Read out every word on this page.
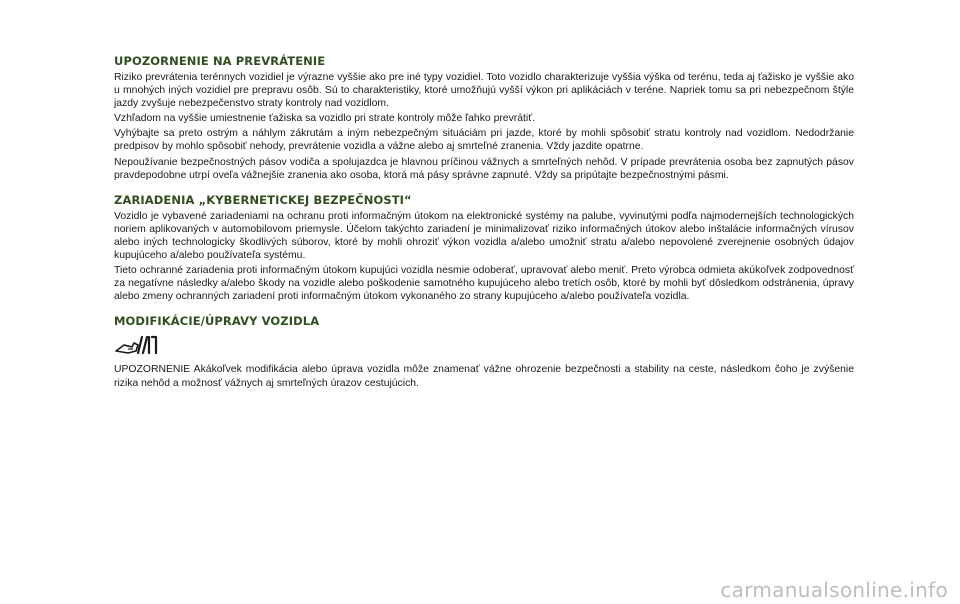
UPOZORNENIE NA PREVRÁTENIE

Riziko prevrátenia terénnych vozidiel je výrazne vyššie ako pre iné typy vozidiel. Toto vozidlo charakterizuje vyššia výška od terénu, teda aj ťažisko je vyššie ako u mnohých iných vozidiel pre prepravu osôb. Sú to charakteristiky, ktoré umožňujú vyšší výkon pri aplikáciách v teréne. Napriek tomu sa pri nebezpečnom štýle jazdy zvyšuje nebezpečenstvo straty kontroly nad vozidlom.

Vzhľadom na vyššie umiestnenie ťažiska sa vozidlo pri strate kontroly môže ľahko prevrátiť.

Vyhýbajte sa preto ostrým a náhlym zákrutám a iným nebezpečným situáciám pri jazde, ktoré by mohli spôsobiť stratu kontroly nad vozidlom. Nedodržanie predpisov by mohlo spôsobiť nehody, prevrátenie vozidla a vážne alebo aj smrteľné zranenia. Vždy jazdite opatrne.

Nepoužívanie bezpečnostných pásov vodiča a spolujazdca je hlavnou príčinou vážnych a smrteľných nehôd. V prípade prevrátenia osoba bez zapnutých pásov pravdepodobne utrpí oveľa vážnejšie zranenia ako osoba, ktorá má pásy správne zapnuté. Vždy sa pripútajte bezpečnostnými pásmi.

ZARIADENIA „KYBERNETICKEJ BEZPEČNOSTI“

Vozidlo je vybavené zariadeniami na ochranu proti informačným útokom na elektronické systémy na palube, vyvinutými podľa najmodernejších technologických noriem aplikovaných v automobilovom priemysle. Účelom takýchto zariadení je minimalizovať riziko informačných útokov alebo inštalácie informačných vírusov alebo iných technologicky škodlivých súborov, ktoré by mohli ohroziť výkon vozidla a/alebo umožniť stratu a/alebo nepovolené zverejnenie osobných údajov kupujúceho a/alebo používateľa systému.

Tieto ochranné zariadenia proti informačným útokom kupujúci vozidla nesmie odoberať, upravovať alebo meniť. Preto výrobca odmieta akúkoľvek zodpovednosť za negatívne následky a/alebo škody na vozidle alebo poškodenie samotného kupujúceho alebo tretích osôb, ktoré by mohli byť dôsledkom odstránenia, úpravy alebo zmeny ochranných zariadení proti informačným útokom vykonaného zo strany kupujúceho a/alebo používateľa vozidla.

MODIFIKÁCIE/ÚPRAVY VOZIDLA

UPOZORNENIE Akákoľvek modifikácia alebo úprava vozidla môže znamenať vážne ohrozenie bezpečnosti a stability na ceste, následkom čoho je zvýšenie rizika nehôd a možnosť vážnych aj smrteľných úrazov cestujúcich.

carmanualsonline.info
